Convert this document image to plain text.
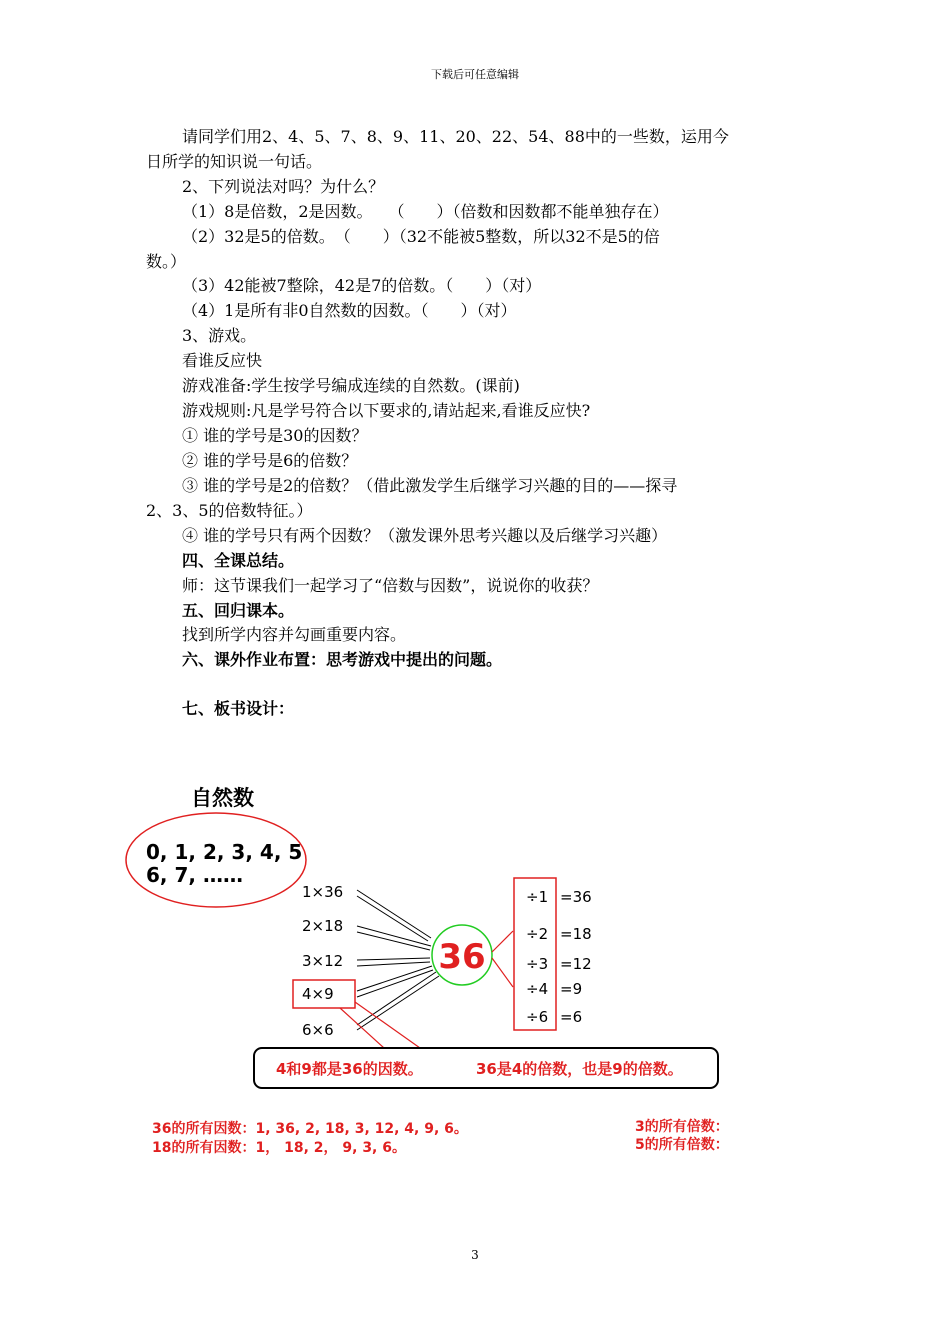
下载后可任意编辑
请同学们用2、4、5、7、8、9、11、20、22、54、88中的一些数，运用今
日所学的知识说一句话。
2、下列说法对吗？为什么？
（1）8是倍数，2是因数。　　（　　）（倍数和因数都不能单独存在）
（2）32是5的倍数。　（　　）（32不能被5整数，所以32不是5的倍
数。）
（3）42能被7整除，42是7的倍数。（　　）（对）
（4）1是所有非0自然数的因数。（　　）（对）
3、游戏。
看谁反应快
游戏准备:学生按学号编成连续的自然数。(课前)
游戏规则:凡是学号符合以下要求的,请站起来,看谁反应快?
① 谁的学号是30的因数？
② 谁的学号是6的倍数？
③ 谁的学号是2的倍数？（借此激发学生后继学习兴趣的目的——探寻
2、3、5的倍数特征。）
④ 谁的学号只有两个因数？（激发课外思考兴趣以及后继学习兴趣）
四、全课总结。
师：这节课我们一起学习了“倍数与因数”，说说你的收获？
五、回归课本。
找到所学内容并勾画重要内容。
六、课外作业布置：思考游戏中提出的问题。
七、板书设计：
自然数
0, 1, 2, 3, 4, 5
6, 7, ……
1×36
2×18
3×12
4×9
6×6
36
÷1
÷2
÷3
÷4
÷6
=36
=18
=12
=9
=6
4和9都是36的因数。	36是4的倍数，也是9的倍数。
36的所有因数：1, 36, 2, 18, 3, 12, 4, 9, 6。
18的所有因数：1， 18, 2， 9, 3, 6。
3的所有倍数：
5的所有倍数：
3
